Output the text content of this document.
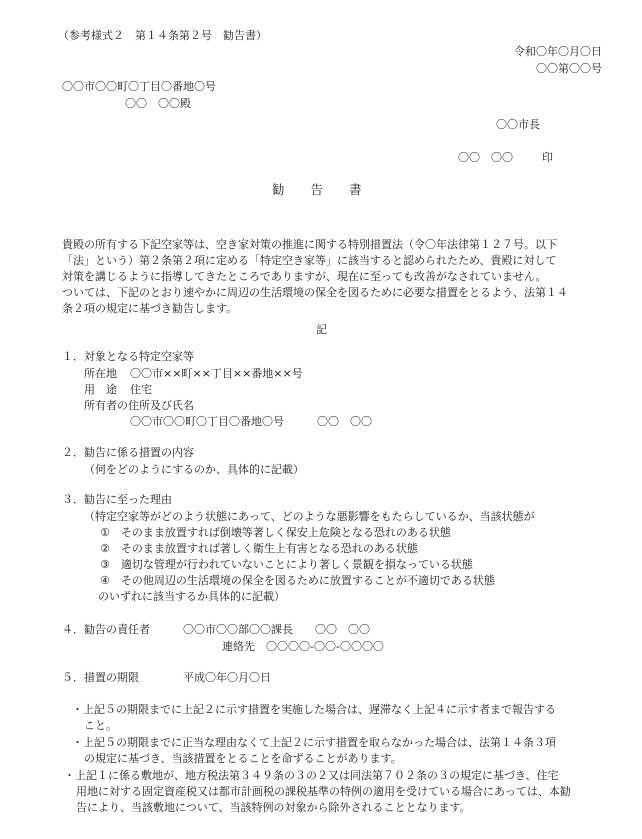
（参考様式２　第１４条第２号　勧告書）
令和〇年〇月〇日
〇〇第〇〇号
〇〇市〇〇町〇丁目〇番地〇号
〇〇　〇〇殿
〇〇市長
〇〇　〇〇	印
勧告書
貴殿の所有する下記空家等は、空き家対策の推進に関する特別措置法（令〇年法律第１２７号。以下
「法」という）第２条第２項に定める「特定空き家等」に該当すると認められたため、貴殿に対して
対策を講じるように指導してきたところでありますが、現在に至っても改善がなされていません。
ついては、下記のとおり速やかに周辺の生活環境の保全を図るために必要な措置をとるよう、法第１４
条２項の規定に基づき勧告します。
記
１．対象となる特定空家等
所在地 〇〇市××町××丁目××番地××号
用　途 住宅
所有者の住所及び氏名
〇〇市〇〇町〇丁目〇番地〇号　　　〇〇　〇〇
２．勧告に係る措置の内容
（何をどのようにするのか、具体的に記載）
３．勧告に至った理由
（特定空家等がどのよう状態にあって、どのような悪影響をもたらしているか、当該状態が
①　そのまま放置すれば倒壊等著しく保安上危険となる恐れのある状態
②　そのまま放置すれば著しく衛生上有害となる恐れのある状態
③　適切な管理が行われていないことにより著しく景観を損なっている状態
④　その他周辺の生活環境の保全を図るために放置することが不適切である状態
のいずれに該当するか具体的に記載）
４．勧告の責任者	〇〇市〇〇部〇〇課長　　〇〇　〇〇
連絡先　〇〇〇〇-〇〇-〇〇〇〇
５．措置の期限	平成〇年〇月〇日
・上記５の期限までに上記２に示す措置を実施した場合は、遅滞なく上記４に示す者まで報告する
こと。
・上記５の期限までに正当な理由なくて上記２に示す措置を取らなかった場合は、法第１４条３項
の規定に基づき、当該措置をとることを命ずることがあります。
・上記１に係る敷地が、地方税法第３４９条の３の２又は同法第７０２条の３の規定に基づき、住宅
用地に対する固定資産税又は都市計画税の課税基準の特例の適用を受けている場合にあっては、本勧
告により、当該敷地について、当該特例の対象から除外されることとなります。
